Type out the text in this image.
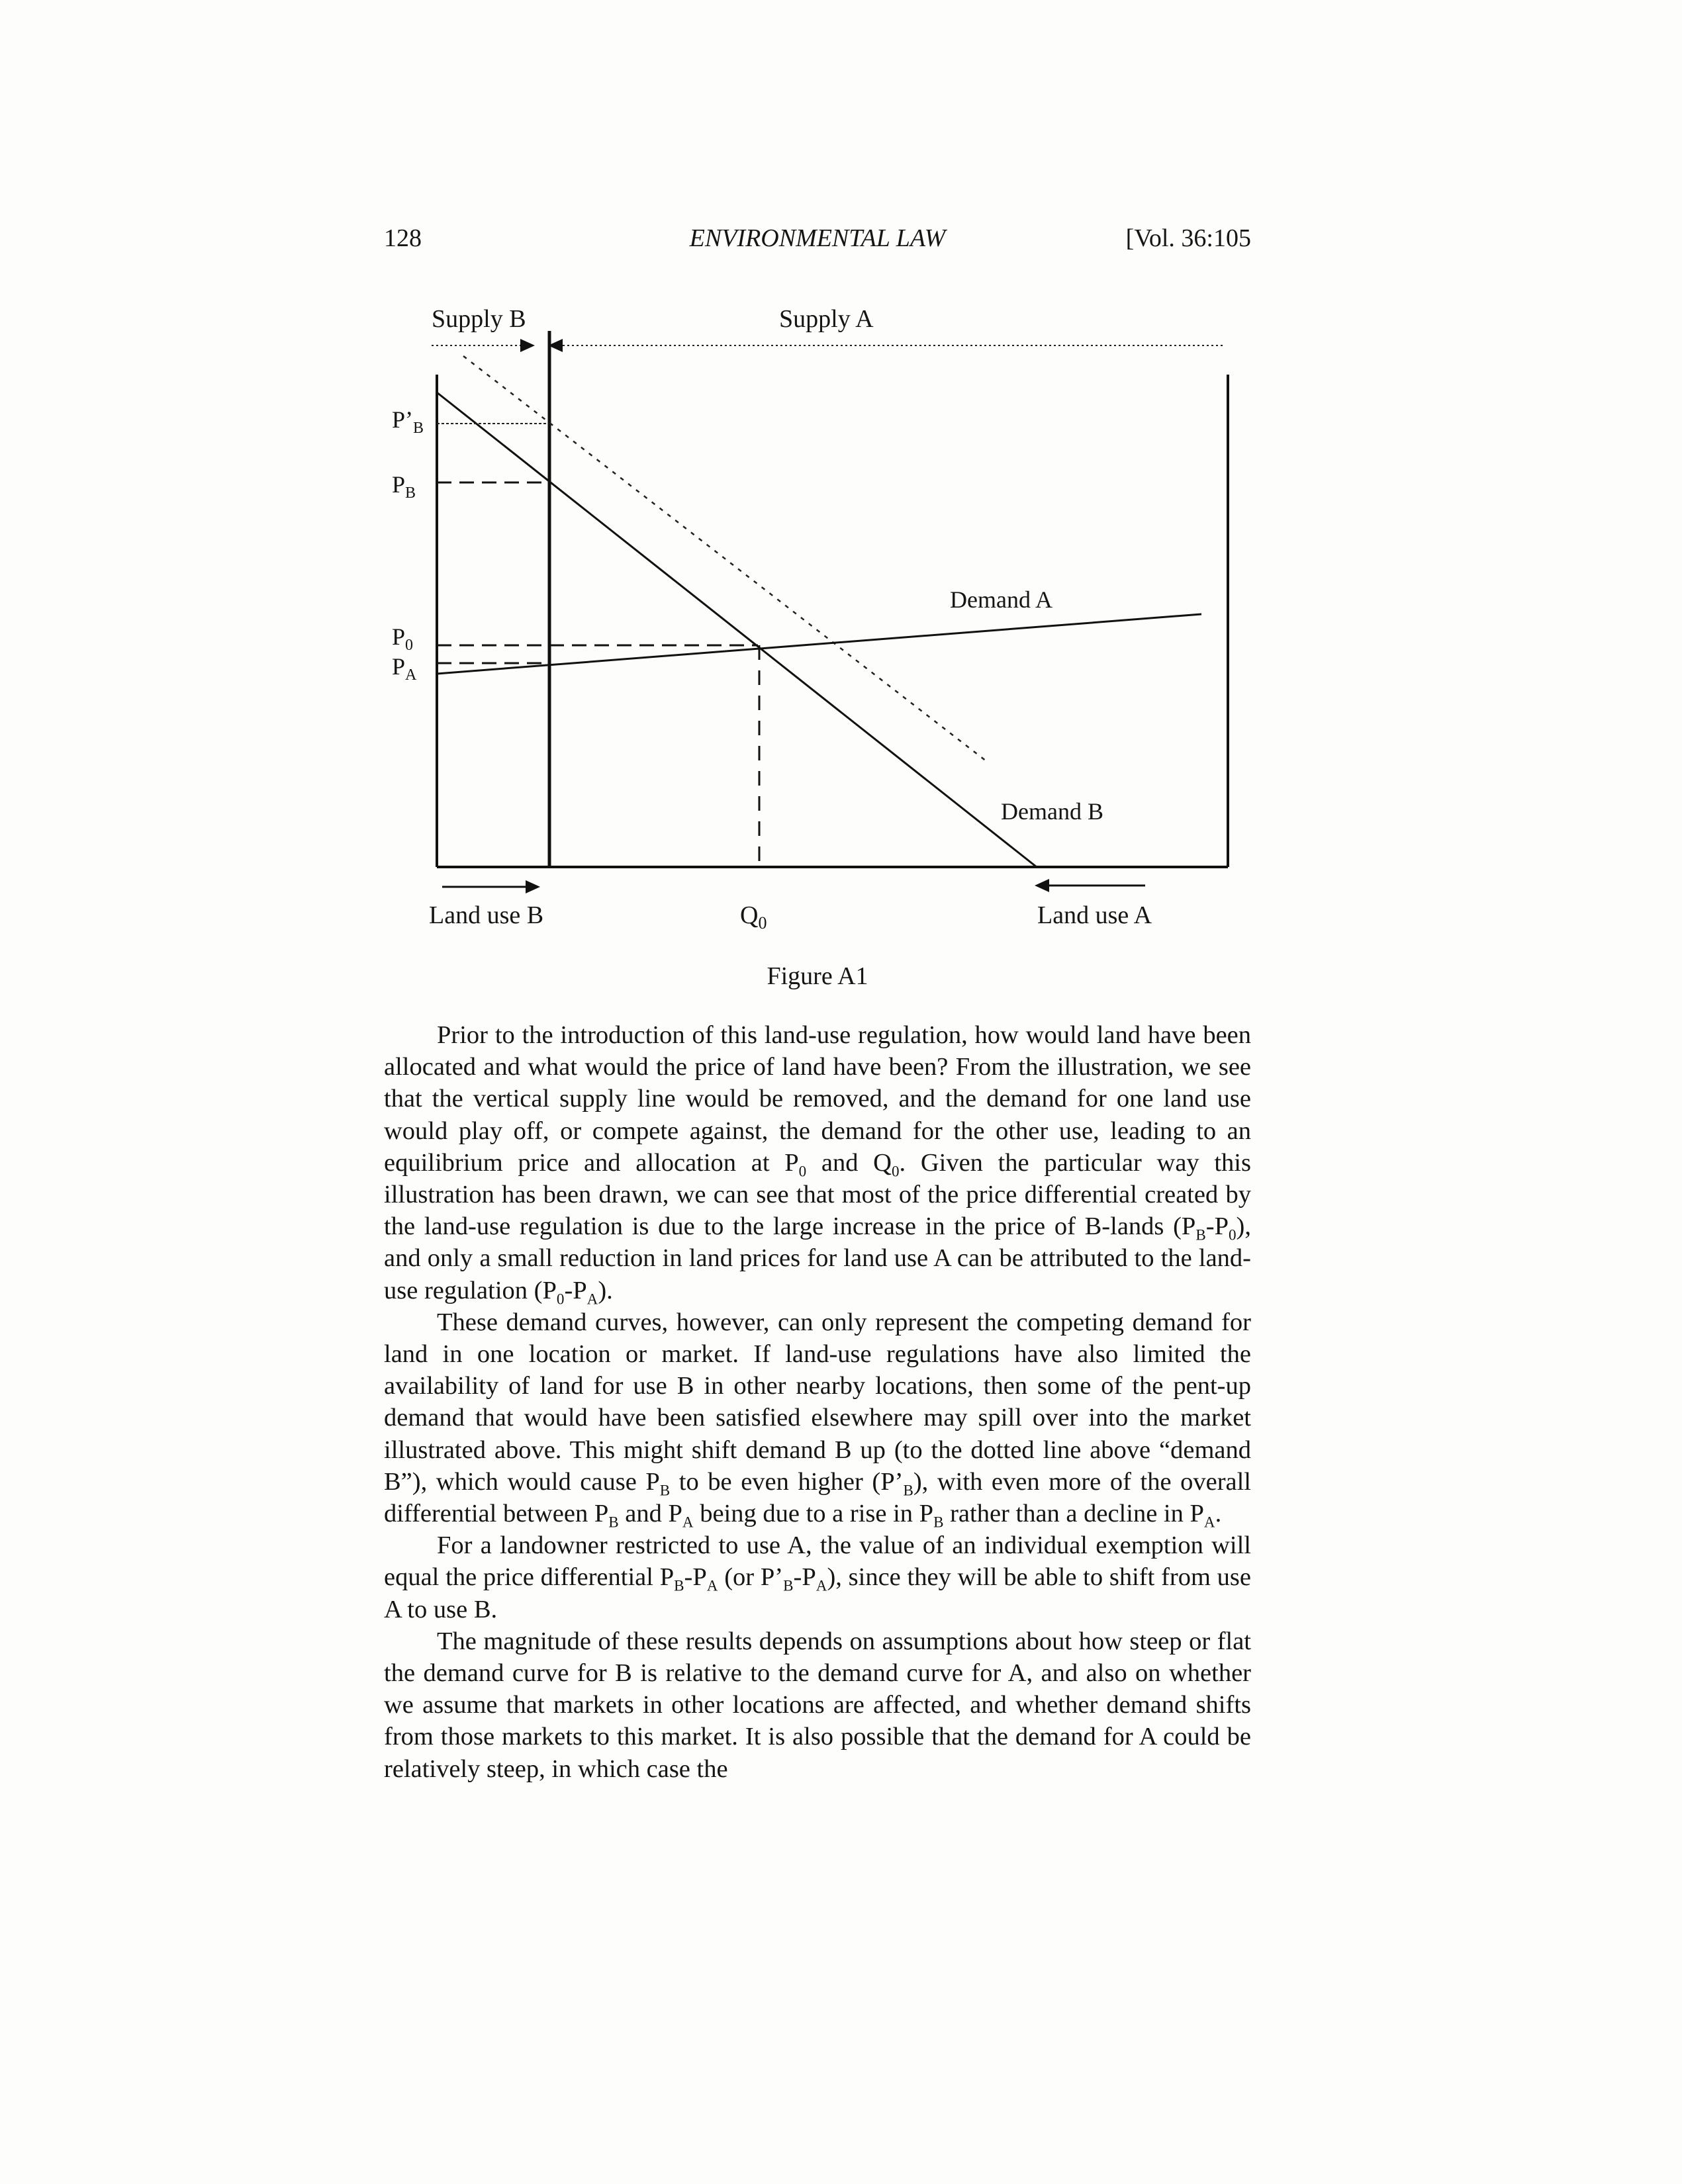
128	ENVIRONMENTAL LAW	[Vol. 36:105
Supply B	Supply A
$P’_B$
$P_B$
$P_0$
$P_A$
Demand A
Demand B
Land use B	$Q_0$	Land use A
Figure A1

Prior to the introduction of this land-use regulation, how would land have been allocated and what would the price of land have been? From the illustration, we see that the vertical supply line would be removed, and the demand for one land use would play off, or compete against, the demand for the other use, leading to an equilibrium price and allocation at $P_0$ and $Q_0$. Given the particular way this illustration has been drawn, we can see that most of the price differential created by the land-use regulation is due to the large increase in the price of B-lands $(P_B-P_0)$, and only a small reduction in land prices for land use A can be attributed to the land-use regulation $(P_0-P_A)$.

These demand curves, however, can only represent the competing demand for land in one location or market. If land-use regulations have also limited the availability of land for use B in other nearby locations, then some of the pent-up demand that would have been satisfied elsewhere may spill over into the market illustrated above. This might shift demand B up (to the dotted line above “demand B”), which would cause $P_B$ to be even higher $(P’_B)$, with even more of the overall differential between $P_B$ and $P_A$ being due to a rise in $P_B$ rather than a decline in $P_A$.

For a landowner restricted to use A, the value of an individual exemption will equal the price differential $P_B-P_A$ (or $P’_B-P_A$), since they will be able to shift from use A to use B.

The magnitude of these results depends on assumptions about how steep or flat the demand curve for B is relative to the demand curve for A, and also on whether we assume that markets in other locations are affected, and whether demand shifts from those markets to this market. It is also possible that the demand for A could be relatively steep, in which case the
